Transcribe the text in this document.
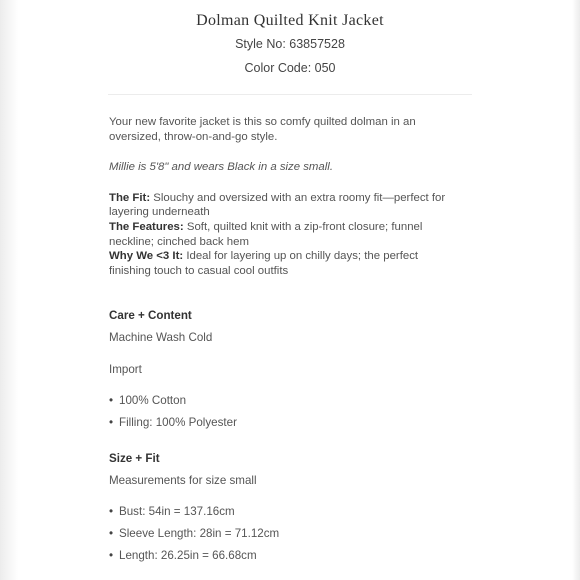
Dolman Quilted Knit Jacket
Style No: 63857528
Color Code: 050

Your new favorite jacket is this so comfy quilted dolman in an oversized, throw-on-and-go style.

Millie is 5'8" and wears Black in a size small.

The Fit: Slouchy and oversized with an extra roomy fit—perfect for layering underneath

The Features: Soft, quilted knit with a zip-front closure; funnel neckline; cinched back hem

Why We <3 It: Ideal for layering up on chilly days; the perfect finishing touch to casual cool outfits

Care + Content
Machine Wash Cold
Import
• 100% Cotton
• Filling: 100% Polyester
Size + Fit
Measurements for size small
• Bust: 54in = 137.16cm
• Sleeve Length: 28in = 71.12cm
• Length: 26.25in = 66.68cm
